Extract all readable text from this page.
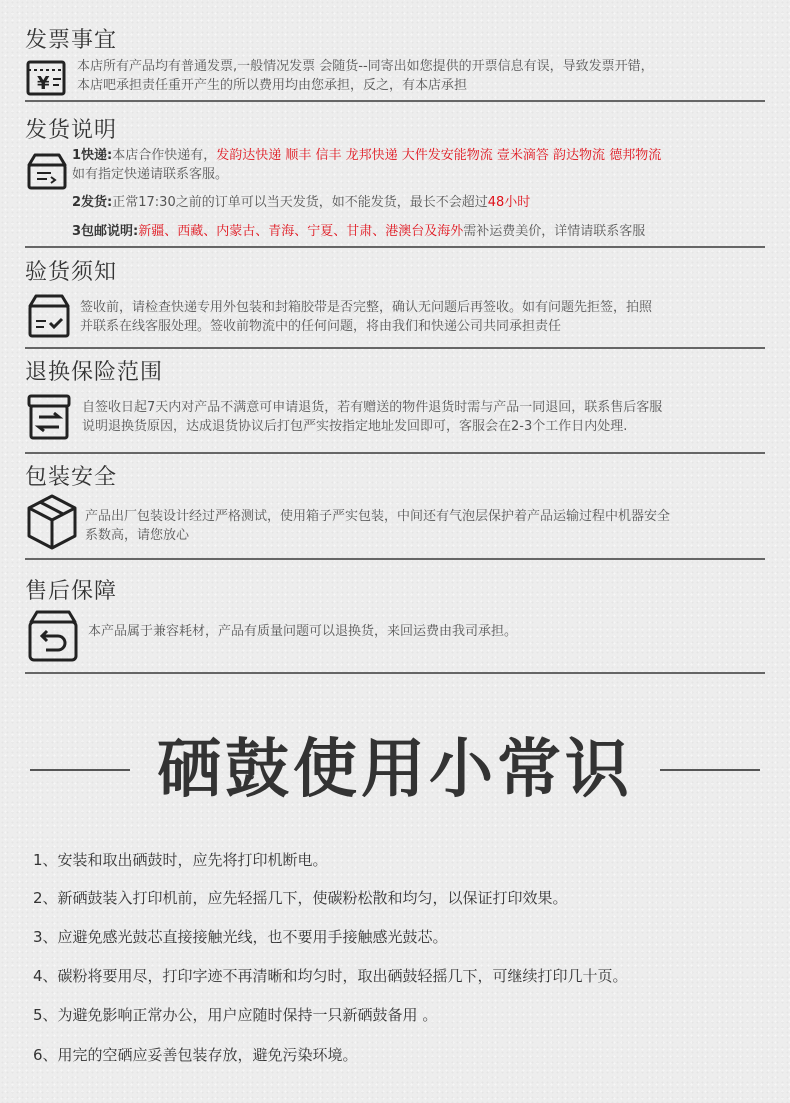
发票事宜
¥
本店所有产品均有普通发票,一般情况发票 会随货--同寄出如您提供的开票信息有误，导致发票开错，
本店吧承担责任重开产生的所以费用均由您承担，反之，有本店承担
发货说明
1快递:本店合作快递有，发韵达快递 顺丰 信丰 龙邦快递 大件发安能物流 壹米滴答 韵达物流 德邦物流
如有指定快递请联系客服。
2发货:正常17:30之前的订单可以当天发货，如不能发货，最长不会超过48小时
3包邮说明:新疆、西藏、内蒙古、青海、宁夏、甘肃、港澳台及海外需补运费美价，详情请联系客服
验货须知
签收前，请检查快递专用外包装和封箱胶带是否完整，确认无问题后再签收。如有问题先拒签，拍照
并联系在线客服处理。签收前物流中的任何问题，将由我们和快递公司共同承担责任
退换保险范围
自签收日起7天内对产品不满意可申请退货，若有赠送的物件退货时需与产品一同退回，联系售后客服
说明退换货原因，达成退货协议后打包严实按指定地址发回即可，客服会在2-3个工作日内处理.
包装安全
产品出厂包装设计经过严格测试，使用箱子严实包装，中间还有气泡层保护着产品运输过程中机器安全
系数高，请您放心
售后保障
本产品属于兼容耗材，产品有质量问题可以退换货，来回运费由我司承担。
硒鼓使用小常识
1、安装和取出硒鼓时，应先将打印机断电。
2、新硒鼓装入打印机前，应先轻摇几下，使碳粉松散和均匀，以保证打印效果。
3、应避免感光鼓芯直接接触光线，也不要用手接触感光鼓芯。
4、碳粉将要用尽，打印字迹不再清晰和均匀时，取出硒鼓轻摇几下，可继续打印几十页。
5、为避免影响正常办公，用户应随时保持一只新硒鼓备用 。
6、用完的空硒应妥善包装存放，避免污染环境。
